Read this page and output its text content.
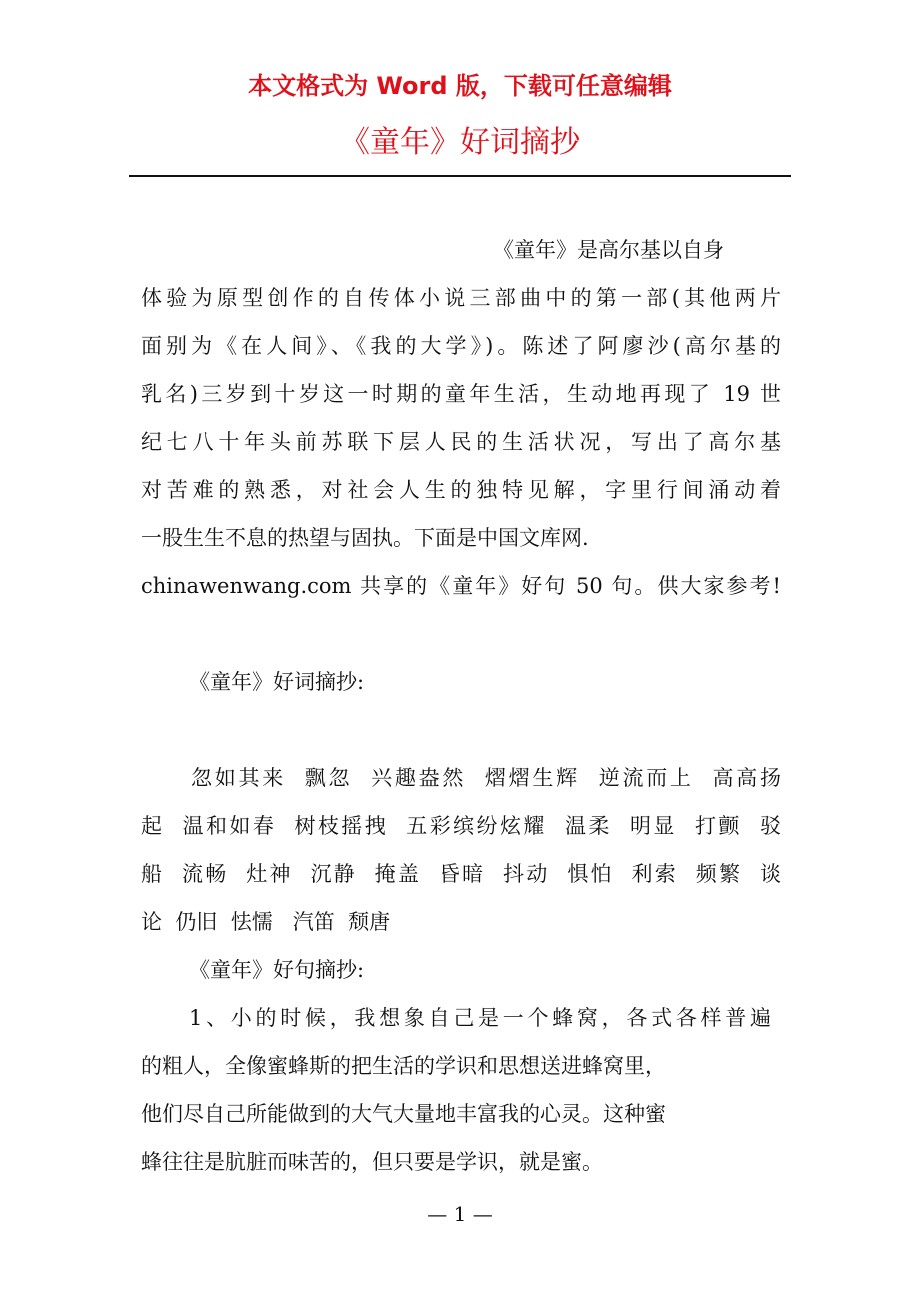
本文格式为 Word 版，下载可任意编辑
《童年》好词摘抄
《童年》是高尔基以自身
体验为原型创作的自传体小说三部曲中的第一部(其他两片
面别为《在人间》、《我的大学》)。陈述了阿廖沙(高尔基的
乳名)三岁到十岁这一时期的童年生活，生动地再现了 19 世
纪七八十年头前苏联下层人民的生活状况，写出了高尔基
对苦难的熟悉，对社会人生的独特见解，字里行间涌动着
一股生生不息的热望与固执。下面是中国文库网.
chinawenwang.com 共享的《童年》好句 50 句。供大家参考!
《童年》好词摘抄:
忽如其来  飘忽  兴趣盎然  熠熠生辉  逆流而上  高高扬
起  温和如春  树枝摇拽  五彩缤纷炫耀  温柔  明显  打颤  驳
船  流畅  灶神  沉静  掩盖  昏暗  抖动  惧怕  利索  频繁  谈
论  仍旧  怯懦   汽笛  颓唐
《童年》好句摘抄:
1、小的时候，我想象自己是一个蜂窝，各式各样普遍
的粗人，全像蜜蜂斯的把生活的学识和思想送进蜂窝里，
他们尽自己所能做到的大气大量地丰富我的心灵。这种蜜
蜂往往是肮脏而味苦的，但只要是学识，就是蜜。
— 1 —
